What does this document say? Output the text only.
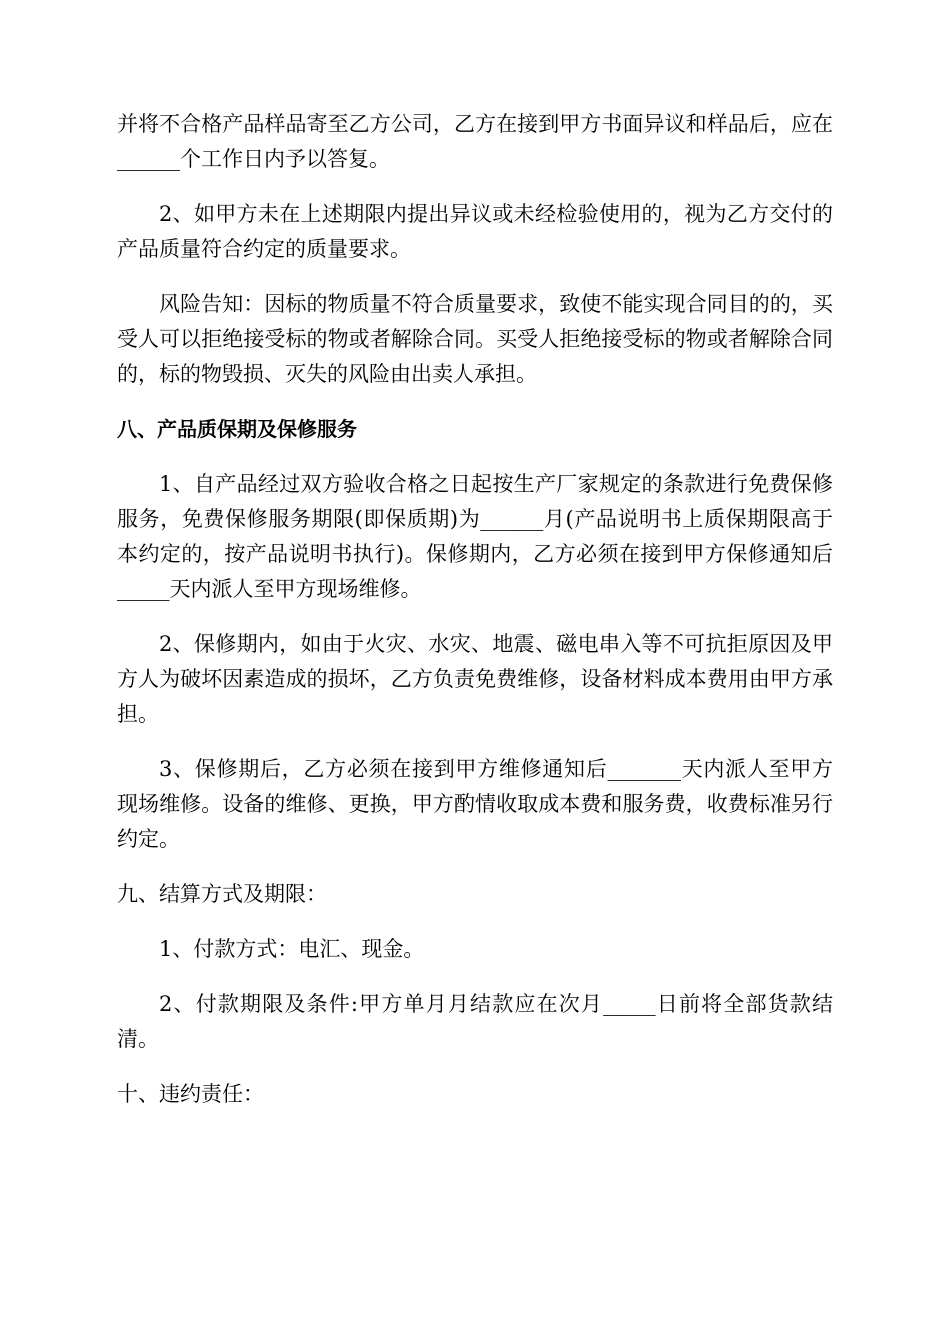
并将不合格产品样品寄至乙方公司，乙方在接到甲方书面异议和样品后，应在______个工作日内予以答复。

2、如甲方未在上述期限内提出异议或未经检验使用的，视为乙方交付的产品质量符合约定的质量要求。

风险告知：因标的物质量不符合质量要求，致使不能实现合同目的的，买受人可以拒绝接受标的物或者解除合同。买受人拒绝接受标的物或者解除合同的，标的物毁损、灭失的风险由出卖人承担。

八、产品质保期及保修服务

1、自产品经过双方验收合格之日起按生产厂家规定的条款进行免费保修服务，免费保修服务期限(即保质期)为______月(产品说明书上质保期限高于本约定的，按产品说明书执行)。保修期内，乙方必须在接到甲方保修通知后_____天内派人至甲方现场维修。

2、保修期内，如由于火灾、水灾、地震、磁电串入等不可抗拒原因及甲方人为破坏因素造成的损坏，乙方负责免费维修，设备材料成本费用由甲方承担。

3、保修期后，乙方必须在接到甲方维修通知后_______天内派人至甲方现场维修。设备的维修、更换，甲方酌情收取成本费和服务费，收费标准另行约定。

九、结算方式及期限：

1、付款方式：电汇、现金。

2、付款期限及条件:甲方单月月结款应在次月_____日前将全部货款结清。

十、违约责任：
